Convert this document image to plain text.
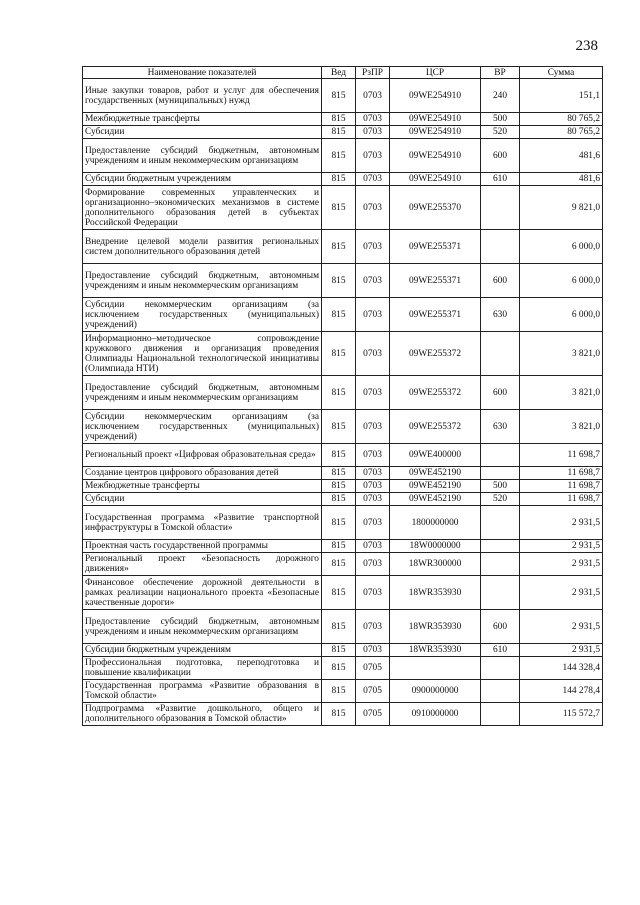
238
Наименование показателей	Вед	РзПР	ЦСР	ВР	Сумма
Иные закупки товаров, работ и услуг для обеспечения государственных (муниципальных) нужд	815	0703	09WE254910	240	151,1
Межбюджетные трансферты	815	0703	09WE254910	500	80 765,2
Субсидии	815	0703	09WE254910	520	80 765,2
Предоставление субсидий бюджетным, автономным учреждениям и иным некоммерческим организациям	815	0703	09WE254910	600	481,6
Субсидии бюджетным учреждениям	815	0703	09WE254910	610	481,6
Формирование современных управленческих и организационно–экономических механизмов в системе дополнительного образования детей в субъектах Российской Федерации	815	0703	09WE255370		9 821,0
Внедрение целевой модели развития региональных систем дополнительного образования детей	815	0703	09WE255371		6 000,0
Предоставление субсидий бюджетным, автономным учреждениям и иным некоммерческим организациям	815	0703	09WE255371	600	6 000,0
Субсидии некоммерческим организациям (за исключением государственных (муниципальных) учреждений)	815	0703	09WE255371	630	6 000,0
Информационно–методическое сопровождение кружкового движения и организация проведения Олимпиады Национальной технологической инициативы (Олимпиада НТИ)	815	0703	09WE255372		3 821,0
Предоставление субсидий бюджетным, автономным учреждениям и иным некоммерческим организациям	815	0703	09WE255372	600	3 821,0
Субсидии некоммерческим организациям (за исключением государственных (муниципальных) учреждений)	815	0703	09WE255372	630	3 821,0
Региональный проект «Цифровая образовательная среда»	815	0703	09WE400000		11 698,7
Создание центров цифрового образования детей	815	0703	09WE452190		11 698,7
Межбюджетные трансферты	815	0703	09WE452190	500	11 698,7
Субсидии	815	0703	09WE452190	520	11 698,7
Государственная программа «Развитие транспортной инфраструктуры в Томской области»	815	0703	1800000000		2 931,5
Проектная часть государственной программы	815	0703	18W0000000		2 931,5
Региональный проект «Безопасность дорожного движения»	815	0703	18WR300000		2 931,5
Финансовое обеспечение дорожной деятельности в рамках реализации национального проекта «Безопасные качественные дороги»	815	0703	18WR353930		2 931,5
Предоставление субсидий бюджетным, автономным учреждениям и иным некоммерческим организациям	815	0703	18WR353930	600	2 931,5
Субсидии бюджетным учреждениям	815	0703	18WR353930	610	2 931,5
Профессиональная подготовка, переподготовка и повышение квалификации	815	0705			144 328,4
Государственная программа «Развитие образования в Томской области»	815	0705	0900000000		144 278,4
Подпрограмма «Развитие дошкольного, общего и дополнительного образования в Томской области»	815	0705	0910000000		115 572,7
